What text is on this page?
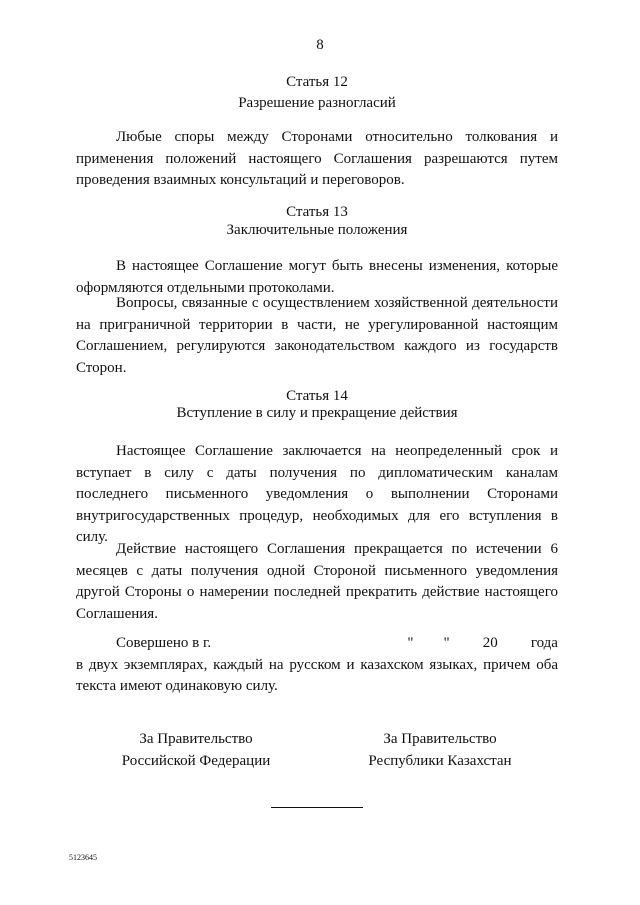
8
Статья 12
Разрешение разногласий
Любые споры между Сторонами относительно толкования и применения положений настоящего Соглашения разрешаются путем проведения взаимных консультаций и переговоров.
Статья 13
Заключительные положения
В настоящее Соглашение могут быть внесены изменения, которые оформляются отдельными протоколами.
Вопросы, связанные с осуществлением хозяйственной деятельности на приграничной территории в части, не урегулированной настоящим Соглашением, регулируются законодательством каждого из государств Сторон.
Статья 14
Вступление в силу и прекращение действия
Настоящее Соглашение заключается на неопределенный срок и вступает в силу с даты получения по дипломатическим каналам последнего письменного уведомления о выполнении Сторонами внутригосударственных процедур, необходимых для его вступления в силу.
Действие настоящего Соглашения прекращается по истечении 6 месяцев с даты получения одной Стороной письменного уведомления другой Стороны о намерении последней прекратить действие настоящего Соглашения.
Совершено в г.	" " 20 года
в двух экземплярах, каждый на русском и казахском языках, причем оба текста имеют одинаковую силу.
За Правительство
Российской Федерации
За Правительство
Республики Казахстан
5123645
